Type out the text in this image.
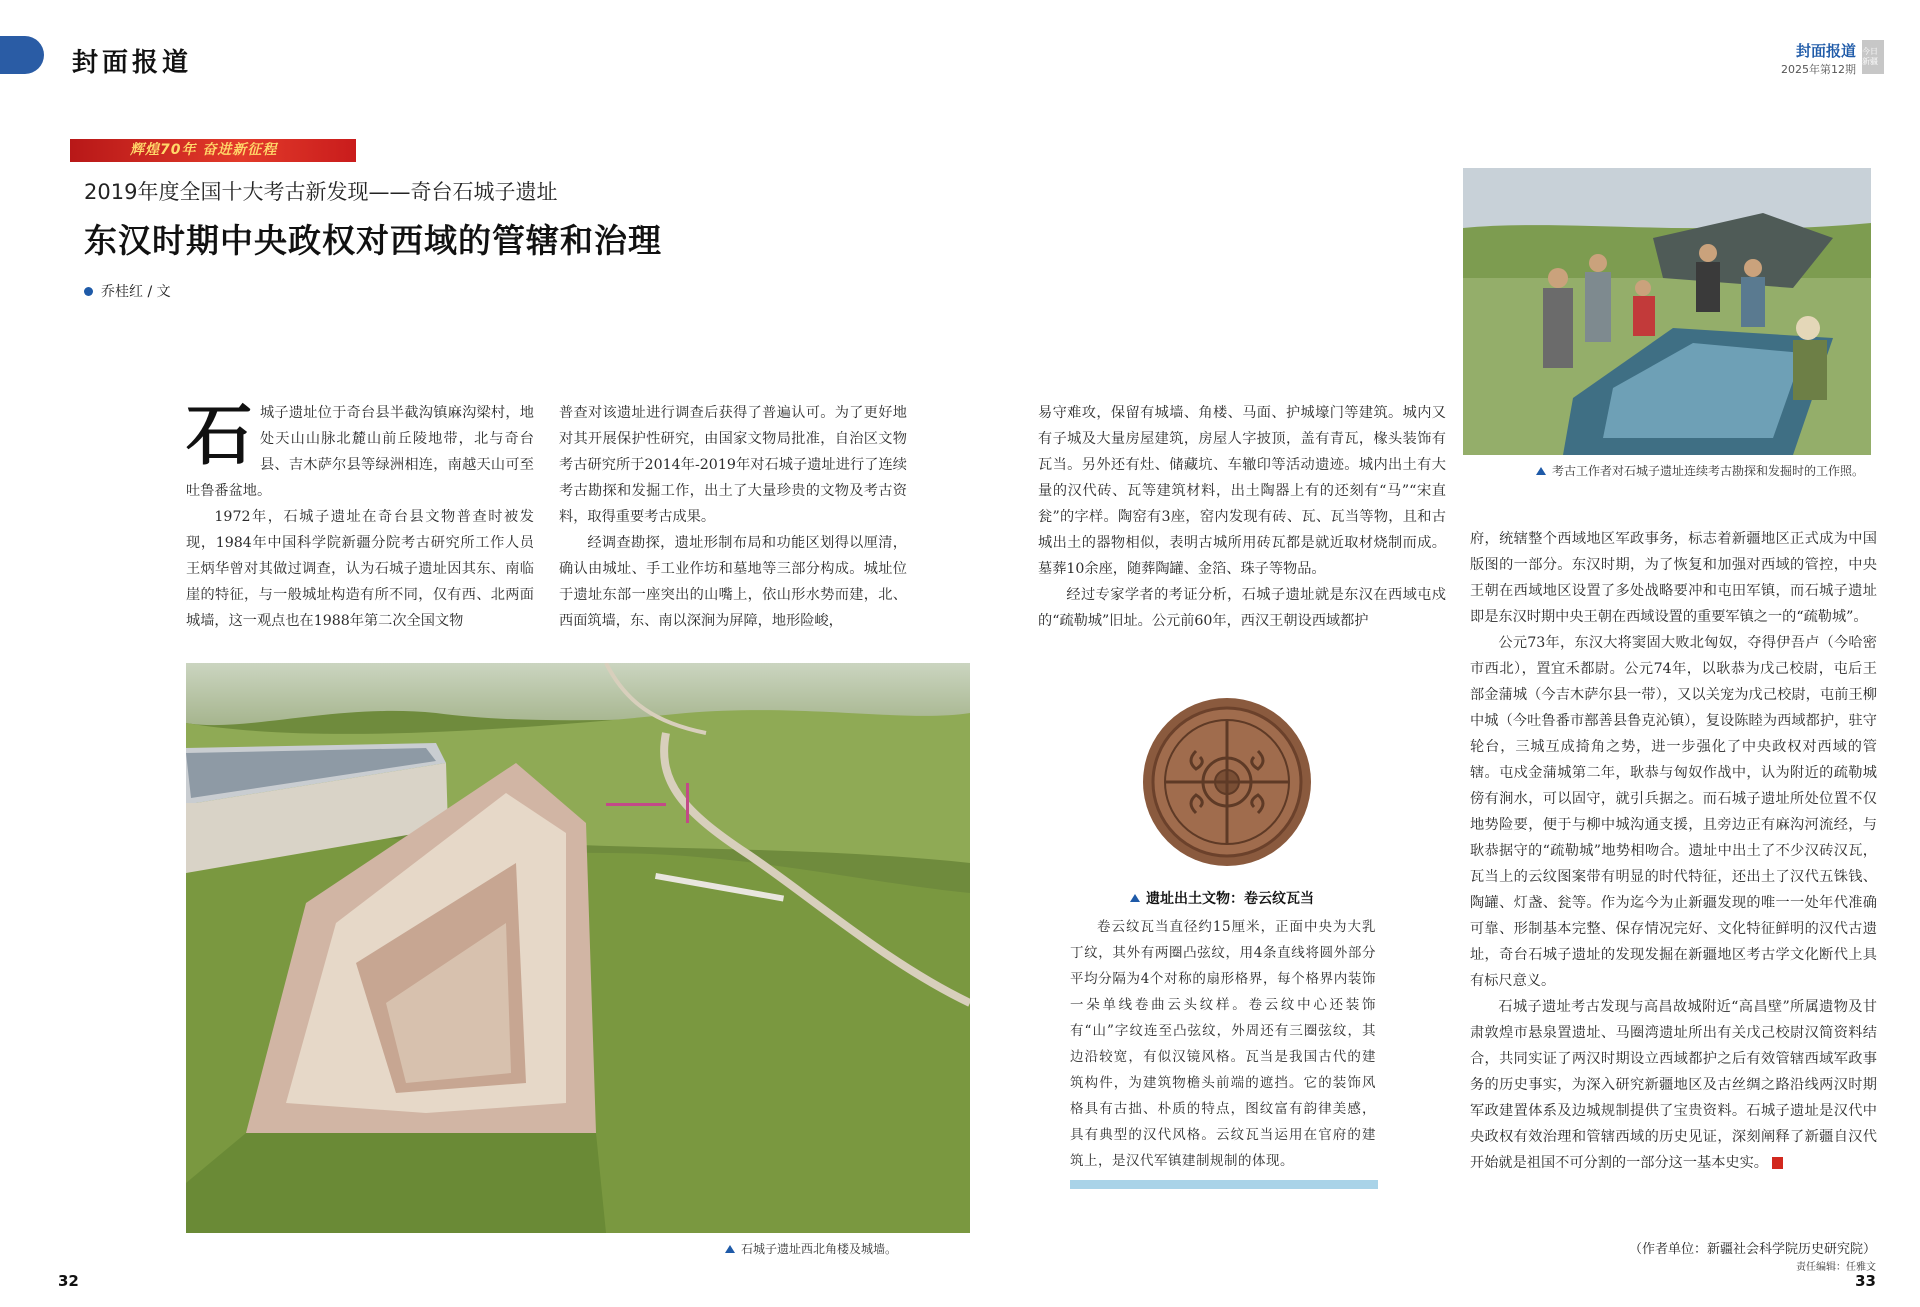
封面报道	封面报道
2025年第12期
今日新疆
辉煌70年 奋进新征程
2019年度全国十大考古新发现——奇台石城子遗址
东汉时期中央政权对西域的管辖和治理
乔桂红 / 文

石城子遗址位于奇台县半截沟镇麻沟梁村，地处天山山脉北麓山前丘陵地带，北与奇台县、吉木萨尔县等绿洲相连，南越天山可至吐鲁番盆地。

1972年，石城子遗址在奇台县文物普查时被发现，1984年中国科学院新疆分院考古研究所工作人员王炳华曾对其做过调查，认为石城子遗址因其东、南临崖的特征，与一般城址构造有所不同，仅有西、北两面城墙，这一观点也在1988年第二次全国文物

普查对该遗址进行调查后获得了普遍认可。为了更好地对其开展保护性研究，由国家文物局批准，自治区文物考古研究所于2014年-2019年对石城子遗址进行了连续考古勘探和发掘工作，出土了大量珍贵的文物及考古资料，取得重要考古成果。

经调查勘探，遗址形制布局和功能区划得以厘清，确认由城址、手工业作坊和墓地等三部分构成。城址位于遗址东部一座突出的山嘴上，依山形水势而建，北、西面筑墙，东、南以深涧为屏障，地形险峻，

石城子遗址西北角楼及城墙。

易守难攻，保留有城墙、角楼、马面、护城壕门等建筑。城内又有子城及大量房屋建筑，房屋人字披顶，盖有青瓦，椽头装饰有瓦当。另外还有灶、储藏坑、车辙印等活动遗迹。城内出土有大量的汉代砖、瓦等建筑材料，出土陶器上有的还刻有“马”“宋直瓮”的字样。陶窑有3座，窑内发现有砖、瓦、瓦当等物，且和古城出土的器物相似，表明古城所用砖瓦都是就近取材烧制而成。墓葬10余座，随葬陶罐、金箔、珠子等物品。

经过专家学者的考证分析，石城子遗址就是东汉在西域屯戍的“疏勒城”旧址。公元前60年，西汉王朝设西域都护

遗址出土文物：卷云纹瓦当
卷云纹瓦当直径约15厘米，正面中央为大乳丁纹，其外有两圈凸弦纹，用4条直线将圆外部分平均分隔为4个对称的扇形格界，每个格界内装饰一朵单线卷曲云头纹样。卷云纹中心还装饰有“山”字纹连至凸弦纹，外周还有三圈弦纹，其边沿较宽，有似汉镜风格。瓦当是我国古代的建筑构件，为建筑物檐头前端的遮挡。它的装饰风格具有古拙、朴质的特点，图纹富有韵律美感，具有典型的汉代风格。云纹瓦当运用在官府的建筑上，是汉代军镇建制规制的体现。
考古工作者对石城子遗址连续考古勘探和发掘时的工作照。

府，统辖整个西域地区军政事务，标志着新疆地区正式成为中国版图的一部分。东汉时期，为了恢复和加强对西域的管控，中央王朝在西域地区设置了多处战略要冲和屯田军镇，而石城子遗址即是东汉时期中央王朝在西域设置的重要军镇之一的“疏勒城”。

公元73年，东汉大将窦固大败北匈奴，夺得伊吾卢（今哈密市西北），置宜禾都尉。公元74年，以耿恭为戊己校尉，屯后王部金蒲城（今吉木萨尔县一带），又以关宠为戊己校尉，屯前王柳中城（今吐鲁番市鄯善县鲁克沁镇），复设陈睦为西域都护，驻守轮台，三城互成掎角之势，进一步强化了中央政权对西域的管辖。屯戍金蒲城第二年，耿恭与匈奴作战中，认为附近的疏勒城傍有涧水，可以固守，就引兵据之。而石城子遗址所处位置不仅地势险要，便于与柳中城沟通支援，且旁边正有麻沟河流经，与耿恭据守的“疏勒城”地势相吻合。遗址中出土了不少汉砖汉瓦，瓦当上的云纹图案带有明显的时代特征，还出土了汉代五铢钱、陶罐、灯盏、瓮等。作为迄今为止新疆发现的唯一一处年代准确可靠、形制基本完整、保存情况完好、文化特征鲜明的汉代古遗址，奇台石城子遗址的发现发掘在新疆地区考古学文化断代上具有标尺意义。

石城子遗址考古发现与高昌故城附近“高昌壁”所属遗物及甘肃敦煌市悬泉置遗址、马圈湾遗址所出有关戊己校尉汉简资料结合，共同实证了两汉时期设立西域都护之后有效管辖西域军政事务的历史事实，为深入研究新疆地区及古丝绸之路沿线两汉时期军政建置体系及边城规制提供了宝贵资料。石城子遗址是汉代中央政权有效治理和管辖西域的历史见证，深刻阐释了新疆自汉代开始就是祖国不可分割的一部分这一基本史实。

（作者单位：新疆社会科学院历史研究院）
责任编辑：任雅文
32	33
